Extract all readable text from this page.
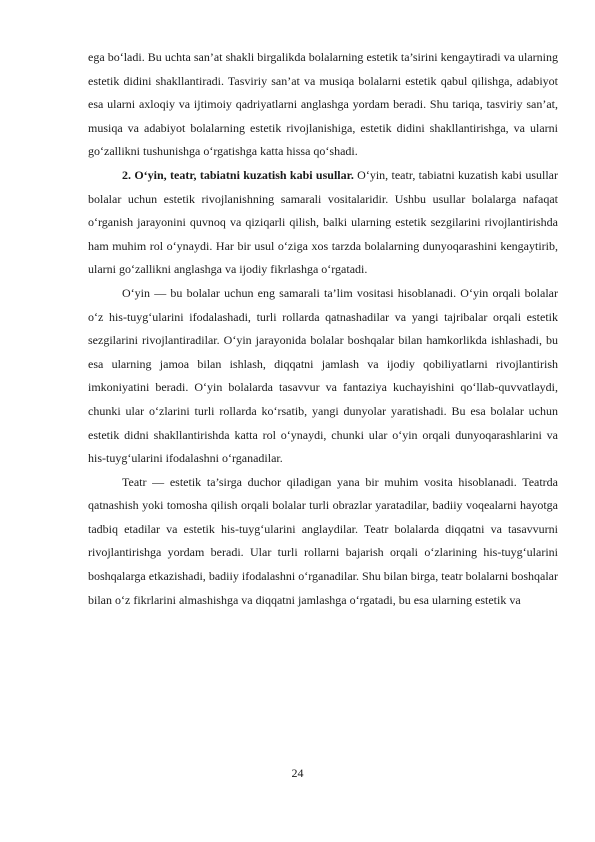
ega bo‘ladi. Bu uchta san’at shakli birgalikda bolalarning estetik ta’sirini kengaytiradi va ularning estetik didini shakllantiradi. Tasviriy san’at va musiqa bolalarni estetik qabul qilishga, adabiyot esa ularni axloqiy va ijtimoiy qadriyatlarni anglashga yordam beradi. Shu tariqa, tasviriy san’at, musiqa va adabiyot bolalarning estetik rivojlanishiga, estetik didini shakllantirishga, va ularni go‘zallikni tushunishga o‘rgatishga katta hissa qo‘shadi.

2. O‘yin, teatr, tabiatni kuzatish kabi usullar. O‘yin, teatr, tabiatni kuzatish kabi usullar bolalar uchun estetik rivojlanishning samarali vositalaridir. Ushbu usullar bolalarga nafaqat o‘rganish jarayonini quvnoq va qiziqarli qilish, balki ularning estetik sezgilarini rivojlantirishda ham muhim rol o‘ynaydi. Har bir usul o‘ziga xos tarzda bolalarning dunyoqarashini kengaytirib, ularni go‘zallikni anglashga va ijodiy fikrlashga o‘rgatadi.

O‘yin — bu bolalar uchun eng samarali ta’lim vositasi hisoblanadi. O‘yin orqali bolalar o‘z his-tuyg‘ularini ifodalashadi, turli rollarda qatnashadilar va yangi tajribalar orqali estetik sezgilarini rivojlantiradilar. O‘yin jarayonida bolalar boshqalar bilan hamkorlikda ishlashadi, bu esa ularning jamoa bilan ishlash, diqqatni jamlash va ijodiy qobiliyatlarni rivojlantirish imkoniyatini beradi. O‘yin bolalarda tasavvur va fantaziya kuchayishini qo‘llab-quvvatlaydi, chunki ular o‘zlarini turli rollarda ko‘rsatib, yangi dunyolar yaratishadi. Bu esa bolalar uchun estetik didni shakllantirishda katta rol o‘ynaydi, chunki ular o‘yin orqali dunyoqarashlarini va his-tuyg‘ularini ifodalashni o‘rganadilar.

Teatr — estetik ta’sirga duchor qiladigan yana bir muhim vosita hisoblanadi. Teatrda qatnashish yoki tomosha qilish orqali bolalar turli obrazlar yaratadilar, badiiy voqealarni hayotga tadbiq etadilar va estetik his-tuyg‘ularini anglaydilar. Teatr bolalarda diqqatni va tasavvurni rivojlantirishga yordam beradi. Ular turli rollarni bajarish orqali o‘zlarining his-tuyg‘ularini boshqalarga etkazishadi, badiiy ifodalashni o‘rganadilar. Shu bilan birga, teatr bolalarni boshqalar bilan o‘z fikrlarini almashishga va diqqatni jamlashga o‘rgatadi, bu esa ularning estetik va

24
